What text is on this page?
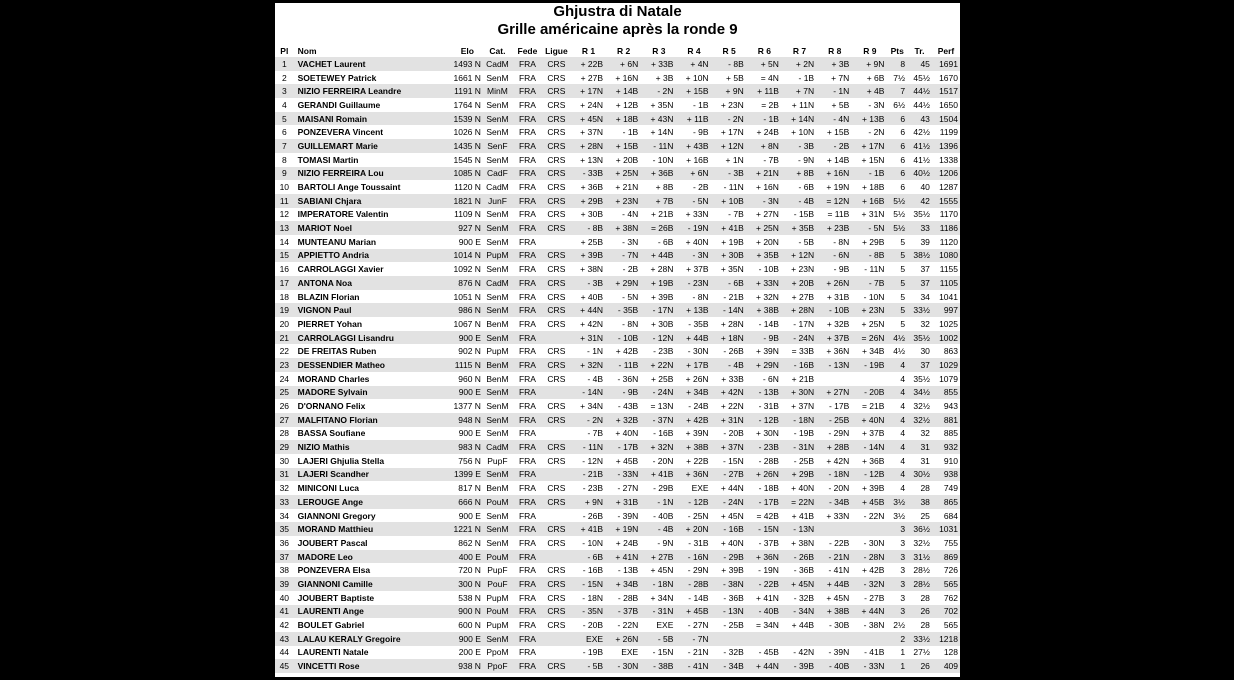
Ghjustra di Natale
Grille américaine après la ronde 9
Pl	Nom	Elo	Cat.	Fede	Ligue	R 1	R 2	R 3	R 4	R 5	R 6	R 7	R 8	R 9	Pts	Tr.	Perf
1	VACHET Laurent	1493 N	CadM	FRA	CRS	+ 22B	+ 6N	+ 33B	+ 4N	- 8B	+ 5N	+ 2N	+ 3B	+ 9N	8	45	1691
2	SOETEWEY Patrick	1661 N	SenM	FRA	CRS	+ 27B	+ 16N	+ 3B	+ 10N	+ 5B	= 4N	- 1B	+ 7N	+ 6B	7½	45½	1670
3	NIZIO FERREIRA Leandre	1191 N	MinM	FRA	CRS	+ 17N	+ 14B	- 2N	+ 15B	+ 9N	+ 11B	+ 7N	- 1N	+ 4B	7	44½	1517
4	GERANDI Guillaume	1764 N	SenM	FRA	CRS	+ 24N	+ 12B	+ 35N	- 1B	+ 23N	= 2B	+ 11N	+ 5B	- 3N	6½	44½	1650
5	MAISANI Romain	1539 N	SenM	FRA	CRS	+ 45N	+ 18B	+ 43N	+ 11B	- 2N	- 1B	+ 14N	- 4N	+ 13B	6	43	1504
6	PONZEVERA Vincent	1026 N	SenM	FRA	CRS	+ 37N	- 1B	+ 14N	- 9B	+ 17N	+ 24B	+ 10N	+ 15B	- 2N	6	42½	1199
7	GUILLEMART Marie	1435 N	SenF	FRA	CRS	+ 28N	+ 15B	- 11N	+ 43B	+ 12N	+ 8N	- 3B	- 2B	+ 17N	6	41½	1396
8	TOMASI Martin	1545 N	SenM	FRA	CRS	+ 13N	+ 20B	- 10N	+ 16B	+ 1N	- 7B	- 9N	+ 14B	+ 15N	6	41½	1338
9	NIZIO FERREIRA Lou	1085 N	CadF	FRA	CRS	- 33B	+ 25N	+ 36B	+ 6N	- 3B	+ 21N	+ 8B	+ 16N	- 1B	6	40½	1206
10	BARTOLI Ange Toussaint	1120 N	CadM	FRA	CRS	+ 36B	+ 21N	+ 8B	- 2B	- 11N	+ 16N	- 6B	+ 19N	+ 18B	6	40	1287
11	SABIANI Chjara	1821 N	JunF	FRA	CRS	+ 29B	+ 23N	+ 7B	- 5N	+ 10B	- 3N	- 4B	= 12N	+ 16B	5½	42	1555
12	IMPERATORE Valentin	1109 N	SenM	FRA	CRS	+ 30B	- 4N	+ 21B	+ 33N	- 7B	+ 27N	- 15B	= 11B	+ 31N	5½	35½	1170
13	MARIOT Noel	927 N	SenM	FRA	CRS	- 8B	+ 38N	= 26B	- 19N	+ 41B	+ 25N	+ 35B	+ 23B	- 5N	5½	33	1186
14	MUNTEANU Marian	900 E	SenM	FRA		+ 25B	- 3N	- 6B	+ 40N	+ 19B	+ 20N	- 5B	- 8N	+ 29B	5	39	1120
15	APPIETTO Andria	1014 N	PupM	FRA	CRS	+ 39B	- 7N	+ 44B	- 3N	+ 30B	+ 35B	+ 12N	- 6N	- 8B	5	38½	1080
16	CARROLAGGI Xavier	1092 N	SenM	FRA	CRS	+ 38N	- 2B	+ 28N	+ 37B	+ 35N	- 10B	+ 23N	- 9B	- 11N	5	37	1155
17	ANTONA Noa	876 N	CadM	FRA	CRS	- 3B	+ 29N	+ 19B	- 23N	- 6B	+ 33N	+ 20B	+ 26N	- 7B	5	37	1105
18	BLAZIN Florian	1051 N	SenM	FRA	CRS	+ 40B	- 5N	+ 39B	- 8N	- 21B	+ 32N	+ 27B	+ 31B	- 10N	5	34	1041
19	VIGNON Paul	986 N	SenM	FRA	CRS	+ 44N	- 35B	- 17N	+ 13B	- 14N	+ 38B	+ 28N	- 10B	+ 23N	5	33½	997
20	PIERRET Yohan	1067 N	BenM	FRA	CRS	+ 42N	- 8N	+ 30B	- 35B	+ 28N	- 14B	- 17N	+ 32B	+ 25N	5	32	1025
21	CARROLAGGI Lisandru	900 E	SenM	FRA		+ 31N	- 10B	- 12N	+ 44B	+ 18N	- 9B	- 24N	+ 37B	= 26N	4½	35½	1002
22	DE FREITAS Ruben	902 N	PupM	FRA	CRS	- 1N	+ 42B	- 23B	- 30N	- 26B	+ 39N	= 33B	+ 36N	+ 34B	4½	30	863
23	DESSENDIER Matheo	1115 N	BenM	FRA	CRS	+ 32N	- 11B	+ 22N	+ 17B	- 4B	+ 29N	- 16B	- 13N	- 19B	4	37	1029
24	MORAND Charles	960 N	BenM	FRA	CRS	- 4B	- 36N	+ 25B	+ 26N	+ 33B	- 6N	+ 21B			4	35½	1079
25	MADORE Sylvain	900 E	SenM	FRA		- 14N	- 9B	- 24N	+ 34B	+ 42N	- 13B	+ 30N	+ 27N	- 20B	4	34½	855
26	D'ORNANO Felix	1377 N	SenM	FRA	CRS	+ 34N	- 43B	= 13N	- 24B	+ 22N	- 31B	+ 37N	- 17B	= 21B	4	32½	943
27	MALFITANO Florian	948 N	SenM	FRA	CRS	- 2N	+ 32B	- 37N	+ 42B	+ 31N	- 12B	- 18N	- 25B	+ 40N	4	32½	881
28	BASSA Soufiane	900 E	SenM	FRA		- 7B	+ 40N	- 16B	+ 39N	- 20B	+ 30N	- 19B	- 29N	+ 37B	4	32	885
29	NIZIO Mathis	983 N	CadM	FRA	CRS	- 11N	- 17B	+ 32N	+ 38B	+ 37N	- 23B	- 31N	+ 28B	- 14N	4	31	932
30	LAJERI Ghjulia Stella	756 N	PupF	FRA	CRS	- 12N	+ 45B	- 20N	+ 22B	- 15N	- 28B	- 25B	+ 42N	+ 36B	4	31	910
31	LAJERI Scandher	1399 E	SenM	FRA		- 21B	- 33N	+ 41B	+ 36N	- 27B	+ 26N	+ 29B	- 18N	- 12B	4	30½	938
32	MINICONI Luca	817 N	BenM	FRA	CRS	- 23B	- 27N	- 29B	EXE	+ 44N	- 18B	+ 40N	- 20N	+ 39B	4	28	749
33	LEROUGE Ange	666 N	PouM	FRA	CRS	+ 9N	+ 31B	- 1N	- 12B	- 24N	- 17B	= 22N	- 34B	+ 45B	3½	38	865
34	GIANNONI Gregory	900 E	SenM	FRA		- 26B	- 39N	- 40B	- 25N	+ 45N	= 42B	+ 41B	+ 33N	- 22N	3½	25	684
35	MORAND Matthieu	1221 N	SenM	FRA	CRS	+ 41B	+ 19N	- 4B	+ 20N	- 16B	- 15N	- 13N			3	36½	1031
36	JOUBERT Pascal	862 N	SenM	FRA	CRS	- 10N	+ 24B	- 9N	- 31B	+ 40N	- 37B	+ 38N	- 22B	- 30N	3	32½	755
37	MADORE Leo	400 E	PouM	FRA		- 6B	+ 41N	+ 27B	- 16N	- 29B	+ 36N	- 26B	- 21N	- 28N	3	31½	869
38	PONZEVERA Elsa	720 N	PupF	FRA	CRS	- 16B	- 13B	+ 45N	- 29N	+ 39B	- 19N	- 36B	- 41N	+ 42B	3	28½	726
39	GIANNONI Camille	300 N	PouF	FRA	CRS	- 15N	+ 34B	- 18N	- 28B	- 38N	- 22B	+ 45N	+ 44B	- 32N	3	28½	565
40	JOUBERT Baptiste	538 N	PupM	FRA	CRS	- 18N	- 28B	+ 34N	- 14B	- 36B	+ 41N	- 32B	+ 45N	- 27B	3	28	762
41	LAURENTI Ange	900 N	PouM	FRA	CRS	- 35N	- 37B	- 31N	+ 45B	- 13N	- 40B	- 34N	+ 38B	+ 44N	3	26	702
42	BOULET Gabriel	600 N	PupM	FRA	CRS	- 20B	- 22N	EXE	- 27N	- 25B	= 34N	+ 44B	- 30B	- 38N	2½	28	565
43	LALAU KERALY Gregoire	900 E	SenM	FRA		EXE	+ 26N	- 5B	- 7N						2	33½	1218
44	LAURENTI Natale	200 E	PpoM	FRA		- 19B	EXE	- 15N	- 21N	- 32B	- 45B	- 42N	- 39N	- 41B	1	27½	128
45	VINCETTI Rose	938 N	PpoF	FRA	CRS	- 5B	- 30N	- 38B	- 41N	- 34B	+ 44N	- 39B	- 40B	- 33N	1	26	409
